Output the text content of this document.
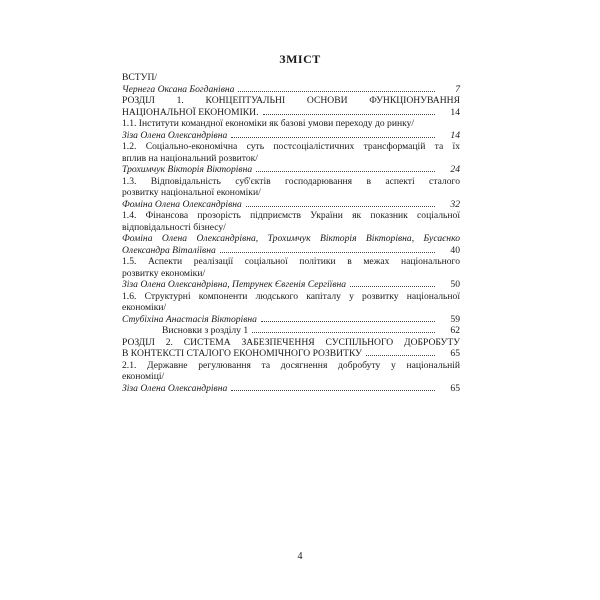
ЗМІСТ
ВСТУП/
Чернега Оксана Богданівна	7
РОЗДІЛ 1. КОНЦЕПТУАЛЬНІ ОСНОВИ ФУНКЦІОНУВАННЯ
НАЦІОНАЛЬНОЇ ЕКОНОМІКИ.	14
1.1. Інститути командної економіки як базові умови переходу до ринку/
Зіза Олена Олександрівна	14
1.2. Соціально-економічна суть постсоціалістичних трансформацій та їх
вплив на національний розвиток/
Трохимчук Вікторія Вікторівна	24
1.3. Відповідальність суб'єктів господарювання в аспекті сталого
розвитку національної економіки/
Фоміна Олена Олександрівна	32
1.4. Фінансова прозорість підприємств України як показник соціальної
відповідальності бізнесу/
Фоміна Олена Олександрівна, Трохимчук Вікторія Вікторівна, Бусаєнко
Олександра Віталіївна	40
1.5. Аспекти реалізації соціальної політики в межах національного
розвитку економіки/
Зіза Олена Олександрівна, Петрунек Євгенія Сергіївна	50
1.6. Структурні компоненти людського капіталу у розвитку національної
економіки/
Стубіхіна Анастасія Вікторівна	59
Висновки з розділу 1	62
РОЗДІЛ 2. СИСТЕМА ЗАБЕЗПЕЧЕННЯ СУСПІЛЬНОГО ДОБРОБУТУ
В КОНТЕКСТІ СТАЛОГО ЕКОНОМІЧНОГО РОЗВИТКУ	65
2.1. Державне регулювання та досягнення добробуту у національній
економіці/
Зіза Олена Олександрівна	65
4
